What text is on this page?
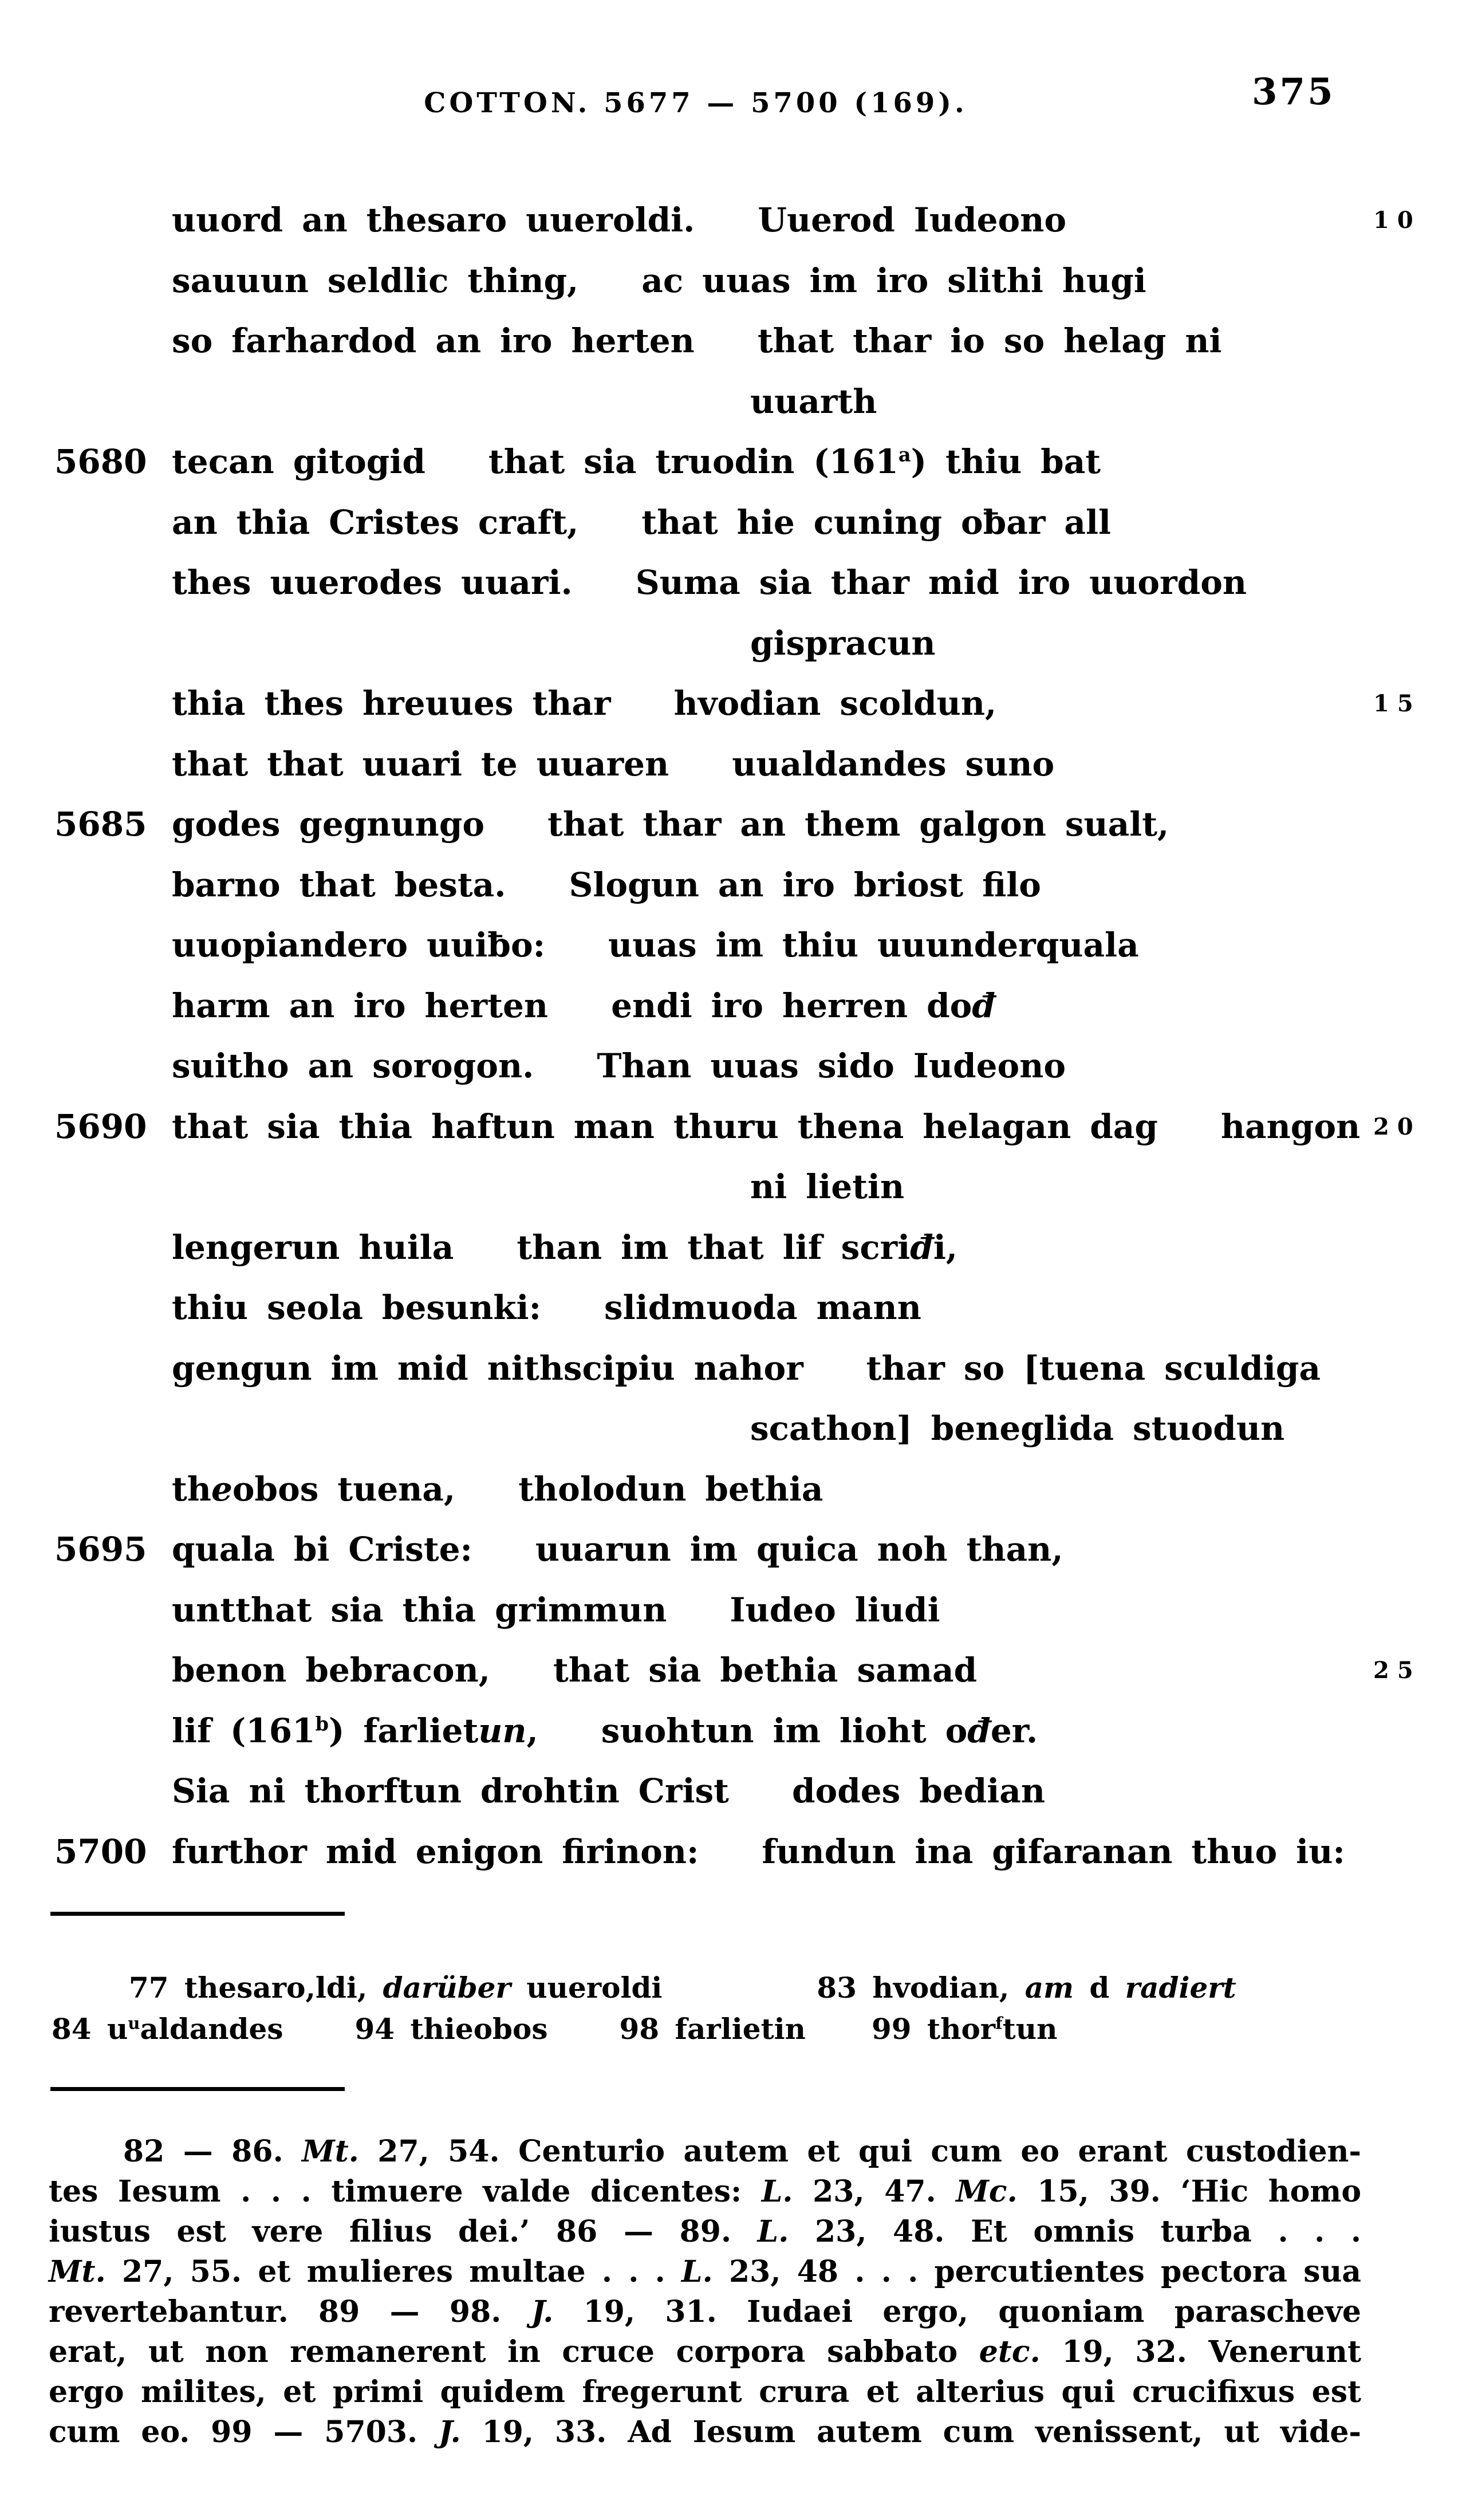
COTTON. 5677 — 5700 (169).	375
uuord an thesaro uueroldi. Uuerod Iudeono	10
sauuun seldlic thing, ac uuas im iro slithi hugi
so farhardod an iro herten that thar io so helag ni
uuarth
5680 tecan gitogid that sia truodin (161$^a$) thiu bat
an thia Cristes craft, that hie cuning oƀar all
thes uuerodes uuari. Suma sia thar mid iro uuordon
gispracun
thia thes hreuues thar hvodian scoldun,	15
that that uuari te uuaren uualdandes suno
5685 godes gegnungo that thar an them galgon sualt,
barno that besta. Slogun an iro briost filo
uuopiandero uuiƀo: uuas im thiu uuunderquala
harm an iro herten endi iro herren dođ
suitho an sorogon. Than uuas sido Iudeono
5690 that sia thia haftun man thuru thena helagan dag hangon 20
ni lietin
lengerun huila than im that lif scriđi,
thiu seola besunki: slidmuoda mann
gengun im mid nithscipiu nahor thar so [tuena sculdiga
scathon] beneglida stuodun
theobos tuena, tholodun bethia
5695 quala bi Criste: uuarun im quica noh than,
untthat sia thia grimmun Iudeo liudi
benon bebracon, that sia bethia samad	25
lif (161$^b$) farlietun, suohtun im lioht ođer.
Sia ni thorftun drohtin Crist dodes bedian
5700 furthor mid enigon firinon: fundun ina gifaranan thuo iu:
77 thesaro,ldi, darüber uueroldi	83 hvodian, am d radiert
84 $u^ualdandes$	94 thieobos	98 farlietin 99 thor$^f$tun
82 — 86. Mt. 27, 54. Centurio autem et qui cum eo erant custodien-
tes Iesum . . . timuere valde dicentes: L. 23, 47. Mc. 15, 39. ‘Hic homo
iustus est vere filius dei.’ 86 — 89. L. 23, 48. Et omnis turba . . .
Mt. 27, 55. et mulieres multae . . . L. 23, 48 . . . percutientes pectora sua
revertebantur. 89 — 98. J. 19, 31. Iudaei ergo, quoniam parascheve
erat, ut non remanerent in cruce corpora sabbato etc. 19, 32. Venerunt
ergo milites, et primi quidem fregerunt crura et alterius qui crucifixus est
cum eo. 99 — 5703. J. 19, 33. Ad Iesum autem cum venissent, ut vide-
